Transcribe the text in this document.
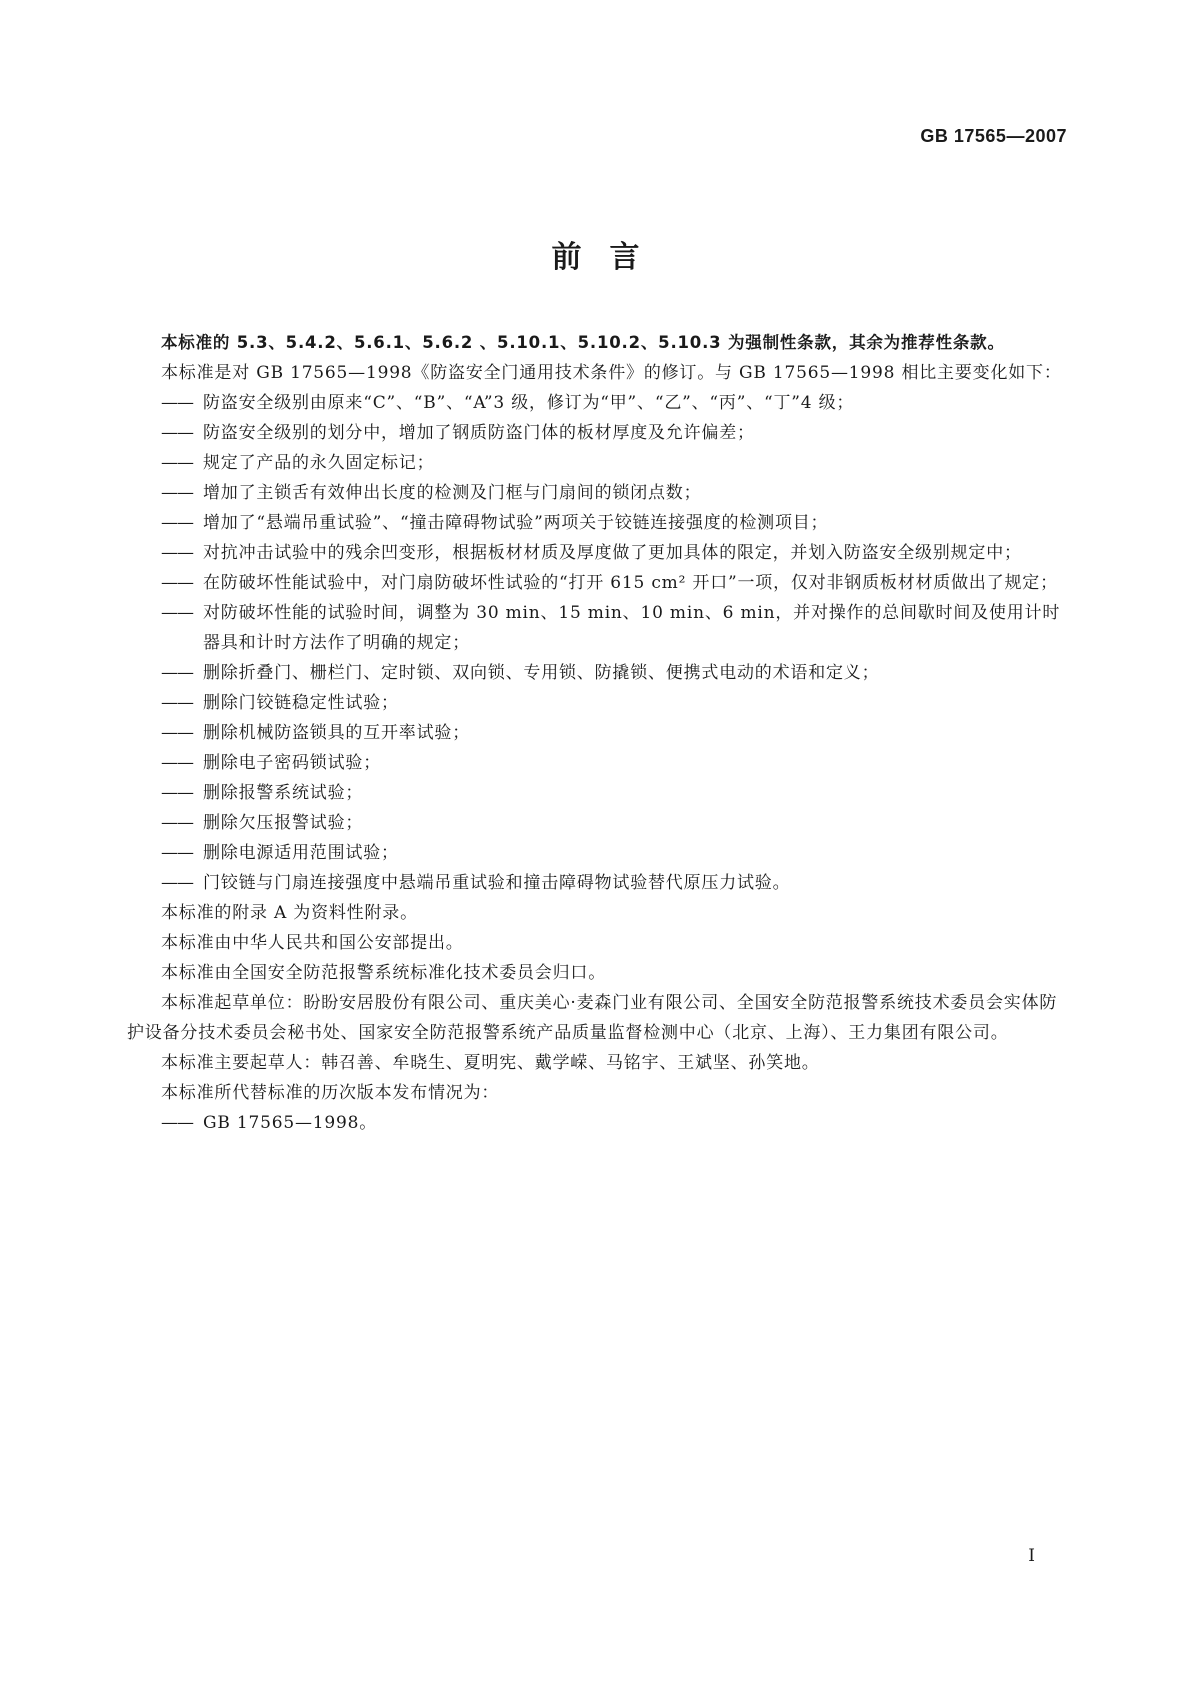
GB 17565—2007
前言

本标准的 5.3、5.4.2、5.6.1、5.6.2 、5.10.1、5.10.2、5.10.3 为强制性条款，其余为推荐性条款。

本标准是对 GB 17565—1998《防盗安全门通用技术条件》的修订。与 GB 17565—1998 相比主要变化如下：

—— 防盗安全级别由原来“C”、“B”、“A”3 级，修订为“甲”、“乙”、“丙”、“丁”4 级；
—— 防盗安全级别的划分中，增加了钢质防盗门体的板材厚度及允许偏差；
—— 规定了产品的永久固定标记；
—— 增加了主锁舌有效伸出长度的检测及门框与门扇间的锁闭点数；
—— 增加了“悬端吊重试验”、“撞击障碍物试验”两项关于铰链连接强度的检测项目；
—— 对抗冲击试验中的残余凹变形，根据板材材质及厚度做了更加具体的限定，并划入防盗安全级别规定中；
—— 在防破坏性能试验中，对门扇防破坏性试验的“打开 615 cm² 开口”一项，仅对非钢质板材材质做出了规定；
—— 对防破坏性能的试验时间，调整为 30 min、15 min、10 min、6 min，并对操作的总间歇时间及使用计时器具和计时方法作了明确的规定；
—— 删除折叠门、栅栏门、定时锁、双向锁、专用锁、防撬锁、便携式电动的术语和定义；
—— 删除门铰链稳定性试验；
—— 删除机械防盗锁具的互开率试验；
—— 删除电子密码锁试验；
—— 删除报警系统试验；
—— 删除欠压报警试验；
—— 删除电源适用范围试验；
—— 门铰链与门扇连接强度中悬端吊重试验和撞击障碍物试验替代原压力试验。

本标准的附录 A 为资料性附录。

本标准由中华人民共和国公安部提出。

本标准由全国安全防范报警系统标准化技术委员会归口。

本标准起草单位：盼盼安居股份有限公司、重庆美心·麦森门业有限公司、全国安全防范报警系统技术委员会实体防护设备分技术委员会秘书处、国家安全防范报警系统产品质量监督检测中心（北京、上海）、王力集团有限公司。

本标准主要起草人：韩召善、牟晓生、夏明宪、戴学嵘、马铭宇、王斌坚、孙笑地。

本标准所代替标准的历次版本发布情况为：

—— GB 17565—1998。
I
